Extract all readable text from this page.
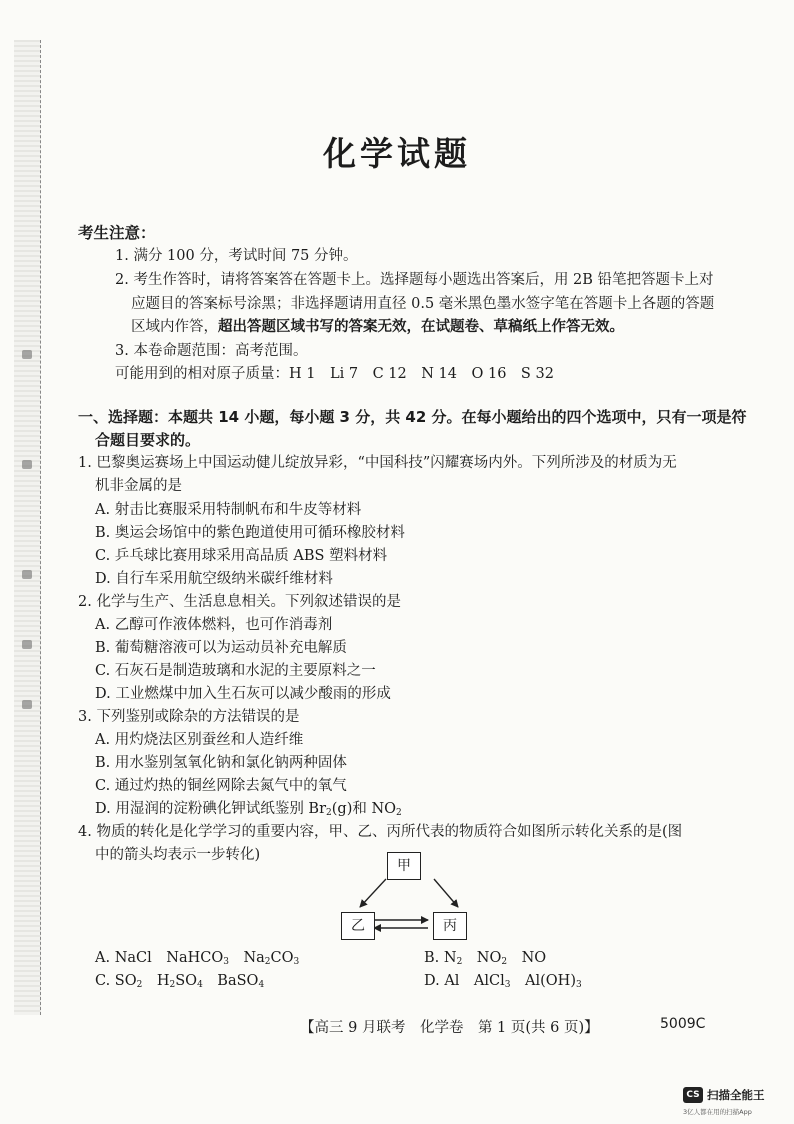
化学试题
考生注意：
1. 满分 100 分，考试时间 75 分钟。
2. 考生作答时，请将答案答在答题卡上。选择题每小题选出答案后，用 2B 铅笔把答题卡上对
应题目的答案标号涂黑；非选择题请用直径 0.5 毫米黑色墨水签字笔在答题卡上各题的答题
区域内作答，超出答题区域书写的答案无效，在试题卷、草稿纸上作答无效。
3. 本卷命题范围：高考范围。
可能用到的相对原子质量：H 1　Li 7　C 12　N 14　O 16　S 32
一、选择题：本题共 14 小题，每小题 3 分，共 42 分。在每小题给出的四个选项中，只有一项是符
合题目要求的。
1. 巴黎奥运赛场上中国运动健儿绽放异彩，“中国科技”闪耀赛场内外。下列所涉及的材质为无
机非金属的是
A. 射击比赛服采用特制帆布和牛皮等材料
B. 奥运会场馆中的紫色跑道使用可循环橡胶材料
C. 乒乓球比赛用球采用高品质 ABS 塑料材料
D. 自行车采用航空级纳米碳纤维材料
2. 化学与生产、生活息息相关。下列叙述错误的是
A. 乙醇可作液体燃料，也可作消毒剂
B. 葡萄糖溶液可以为运动员补充电解质
C. 石灰石是制造玻璃和水泥的主要原料之一
D. 工业燃煤中加入生石灰可以减少酸雨的形成
3. 下列鉴别或除杂的方法错误的是
A. 用灼烧法区别蚕丝和人造纤维
B. 用水鉴别氢氧化钠和氯化钠两种固体
C. 通过灼热的铜丝网除去氮气中的氧气
D. 用湿润的淀粉碘化钾试纸鉴别 $Br_2(g)$和 $NO_2$
4. 物质的转化是化学学习的重要内容，甲、乙、丙所代表的物质符合如图所示转化关系的是(图
中的箭头均表示一步转化)
甲
乙	丙
A. NaCl　NaHCO$_3$　$Na_2CO_3$	B. $N_2$　$NO_2$　NO
C. $SO_2$　$H_2SO_4$　BaSO$_4$	D. Al　AlCl$_3$　$Al(OH)_3$
【高三 9 月联考　化学卷　第 1 页(共 6 页)】	5009C
CS 扫描全能王
3亿人都在用的扫描App
